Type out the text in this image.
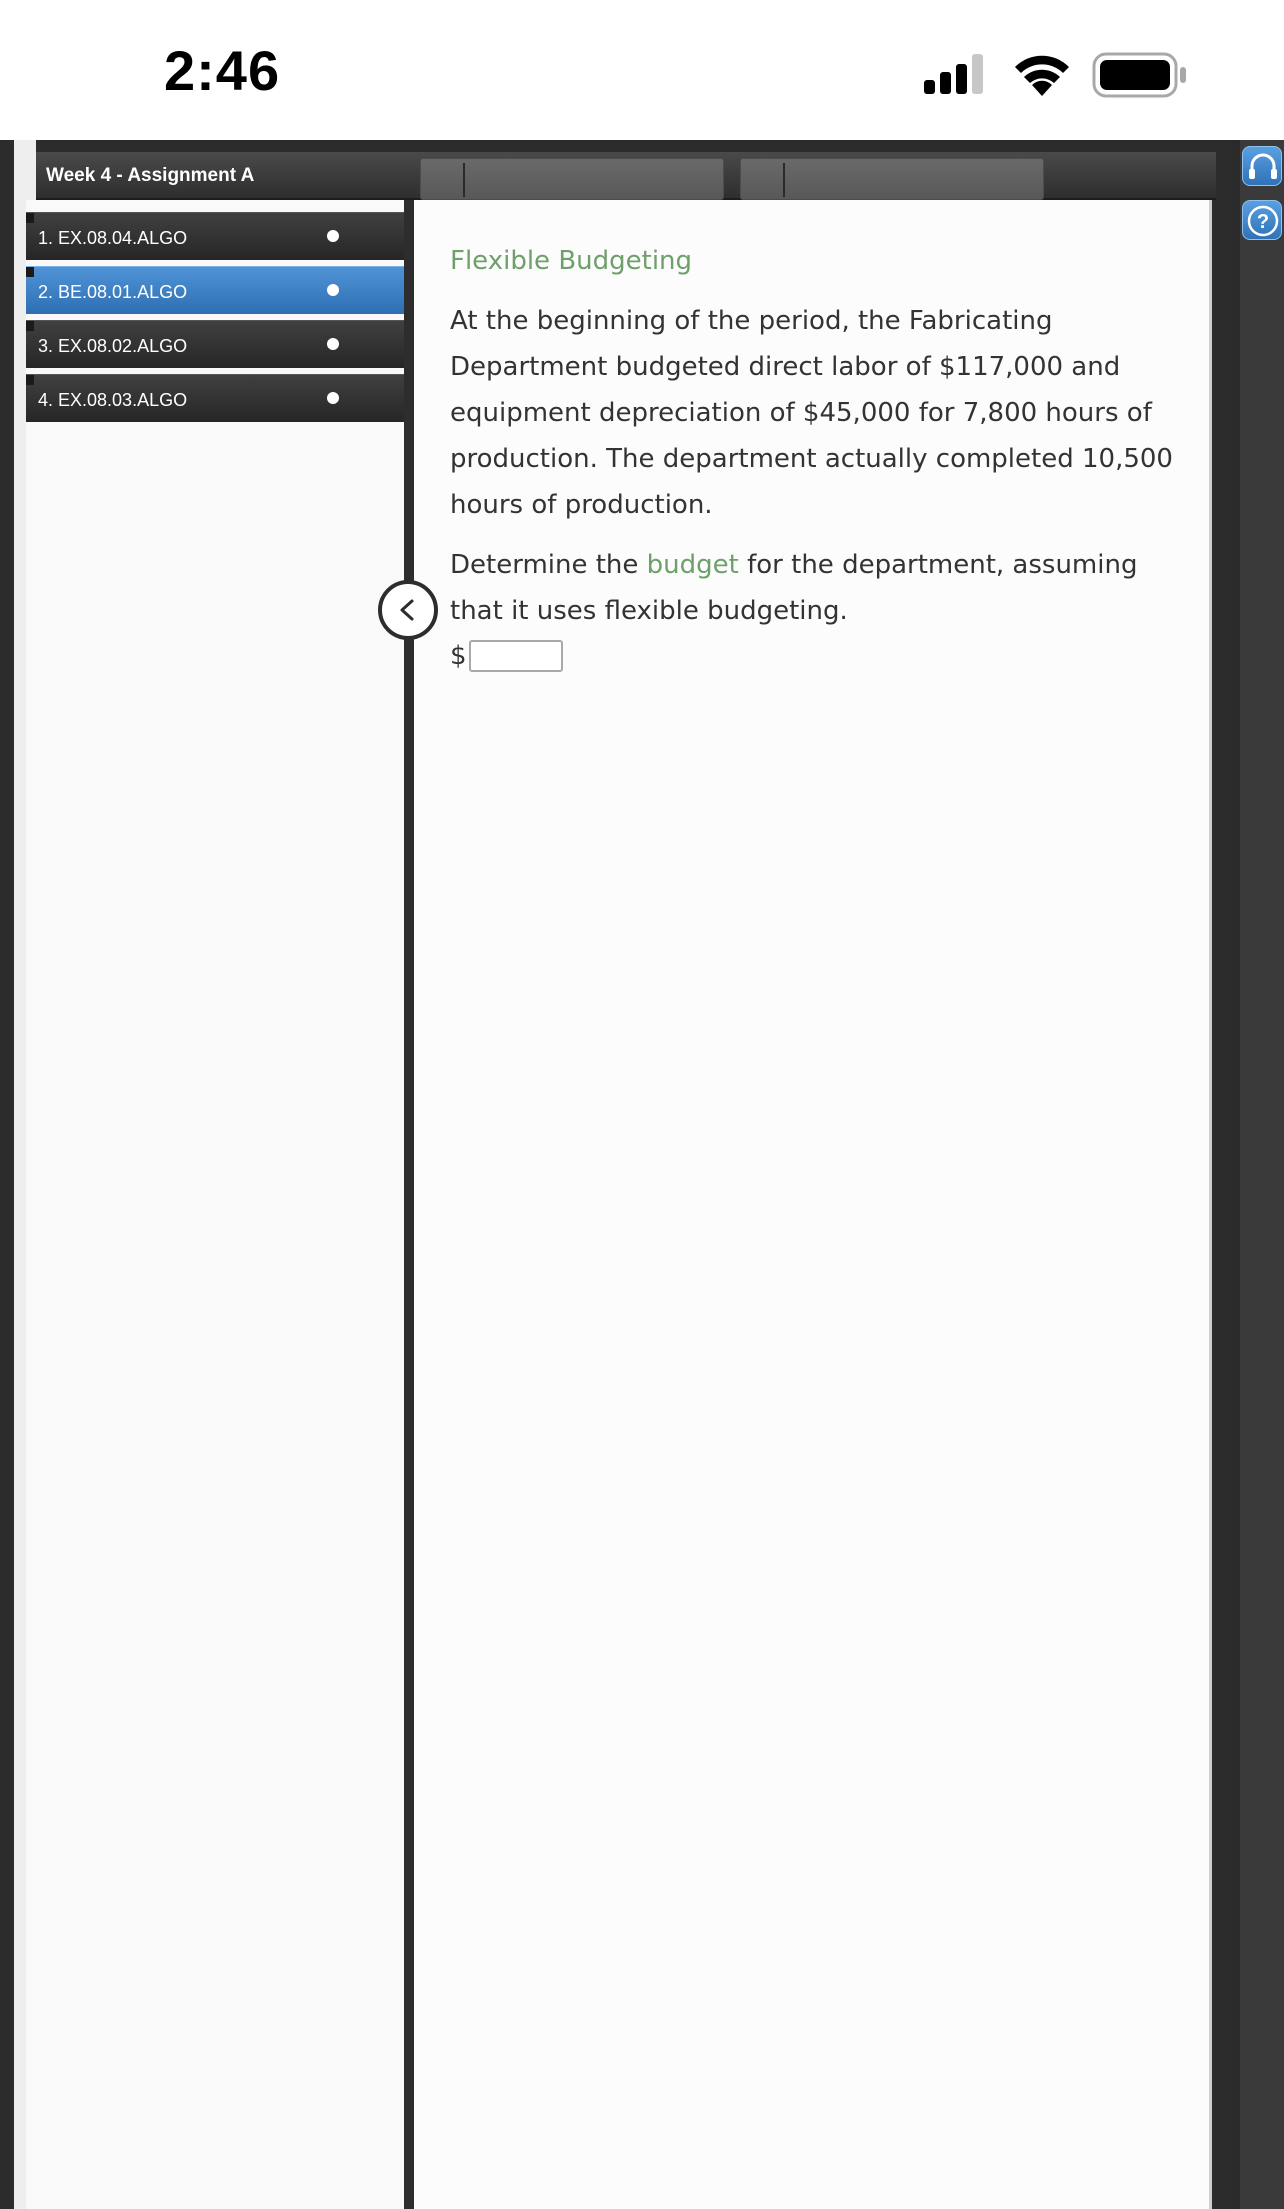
2:46
?
Week 4 - Assignment A
1. EX.08.04.ALGO
2. BE.08.01.ALGO
3. EX.08.02.ALGO
4. EX.08.03.ALGO
Flexible Budgeting

At the beginning of the period, the Fabricating Department budgeted direct labor of $117,000 and equipment depreciation of $45,000 for 7,800 hours of production. The department actually completed 10,500 hours of production.

Determine the budget for the department, assuming that it uses flexible budgeting.

$
